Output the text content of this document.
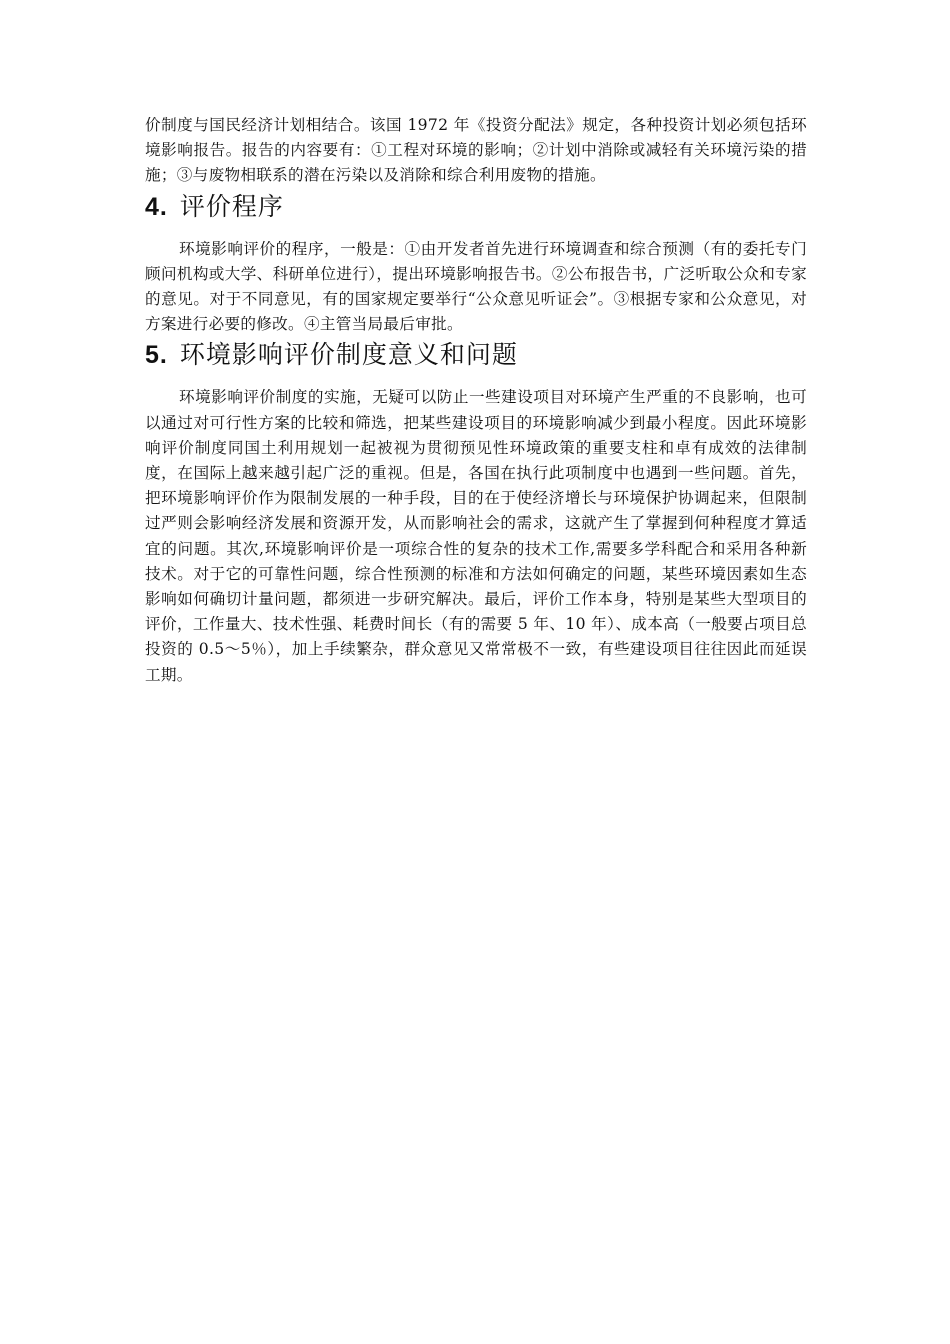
价制度与国民经济计划相结合。该国 1972 年《投资分配法》规定，各种投资计划必须包括环境影响报告。报告的内容要有：①工程对环境的影响；②计划中消除或减轻有关环境污染的措施；③与废物相联系的潜在污染以及消除和综合利用废物的措施。

4. 评价程序

环境影响评价的程序，一般是：①由开发者首先进行环境调查和综合预测（有的委托专门顾问机构或大学、科研单位进行），提出环境影响报告书。②公布报告书，广泛听取公众和专家的意见。对于不同意见，有的国家规定要举行“公众意见听证会”。③根据专家和公众意见，对方案进行必要的修改。④主管当局最后审批。

5. 环境影响评价制度意义和问题

环境影响评价制度的实施，无疑可以防止一些建设项目对环境产生严重的不良影响，也可以通过对可行性方案的比较和筛选，把某些建设项目的环境影响减少到最小程度。因此环境影响评价制度同国土利用规划一起被视为贯彻预见性环境政策的重要支柱和卓有成效的法律制度，在国际上越来越引起广泛的重视。但是，各国在执行此项制度中也遇到一些问题。首先，把环境影响评价作为限制发展的一种手段，目的在于使经济增长与环境保护协调起来，但限制过严则会影响经济发展和资源开发，从而影响社会的需求，这就产生了掌握到何种程度才算适宜的问题。其次,环境影响评价是一项综合性的复杂的技术工作,需要多学科配合和采用各种新技术。对于它的可靠性问题，综合性预测的标准和方法如何确定的问题，某些环境因素如生态影响如何确切计量问题，都须进一步研究解决。最后，评价工作本身，特别是某些大型项目的评价，工作量大、技术性强、耗费时间长（有的需要 5 年、10 年）、成本高（一般要占项目总投资的 0.5～5％），加上手续繁杂，群众意见又常常极不一致，有些建设项目往往因此而延误工期。
